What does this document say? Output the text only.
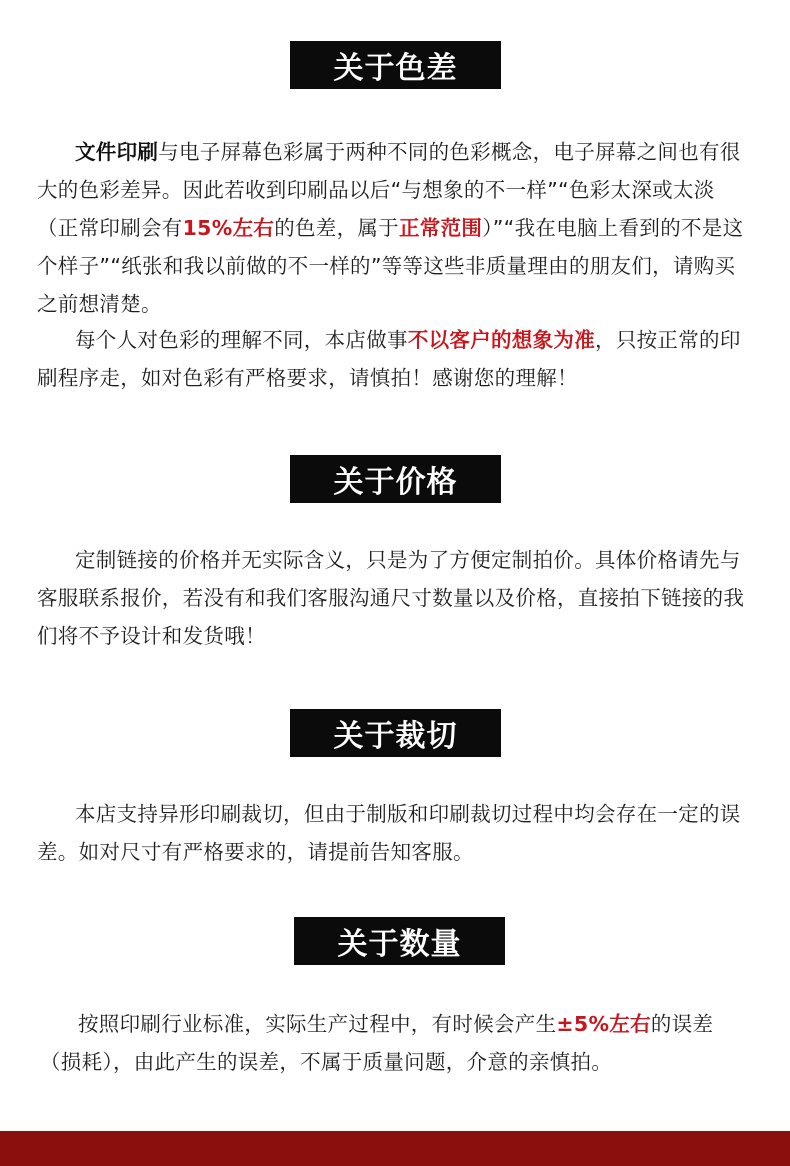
关于色差

文件印刷与电子屏幕色彩属于两种不同的色彩概念，电子屏幕之间也有很大的色彩差异。因此若收到印刷品以后“与想象的不一样”“色彩太深或太淡（正常印刷会有15%左右的色差，属于正常范围）”“我在电脑上看到的不是这个样子”“纸张和我以前做的不一样的”等等这些非质量理由的朋友们，请购买之前想清楚。

每个人对色彩的理解不同，本店做事不以客户的想象为准，只按正常的印刷程序走，如对色彩有严格要求，请慎拍！感谢您的理解！

关于价格

定制链接的价格并无实际含义，只是为了方便定制拍价。具体价格请先与客服联系报价，若没有和我们客服沟通尺寸数量以及价格，直接拍下链接的我们将不予设计和发货哦！

关于裁切

本店支持异形印刷裁切，但由于制版和印刷裁切过程中均会存在一定的误差。如对尺寸有严格要求的，请提前告知客服。

关于数量

按照印刷行业标准，实际生产过程中，有时候会产生±5%左右的误差（损耗），由此产生的误差，不属于质量问题，介意的亲慎拍。
